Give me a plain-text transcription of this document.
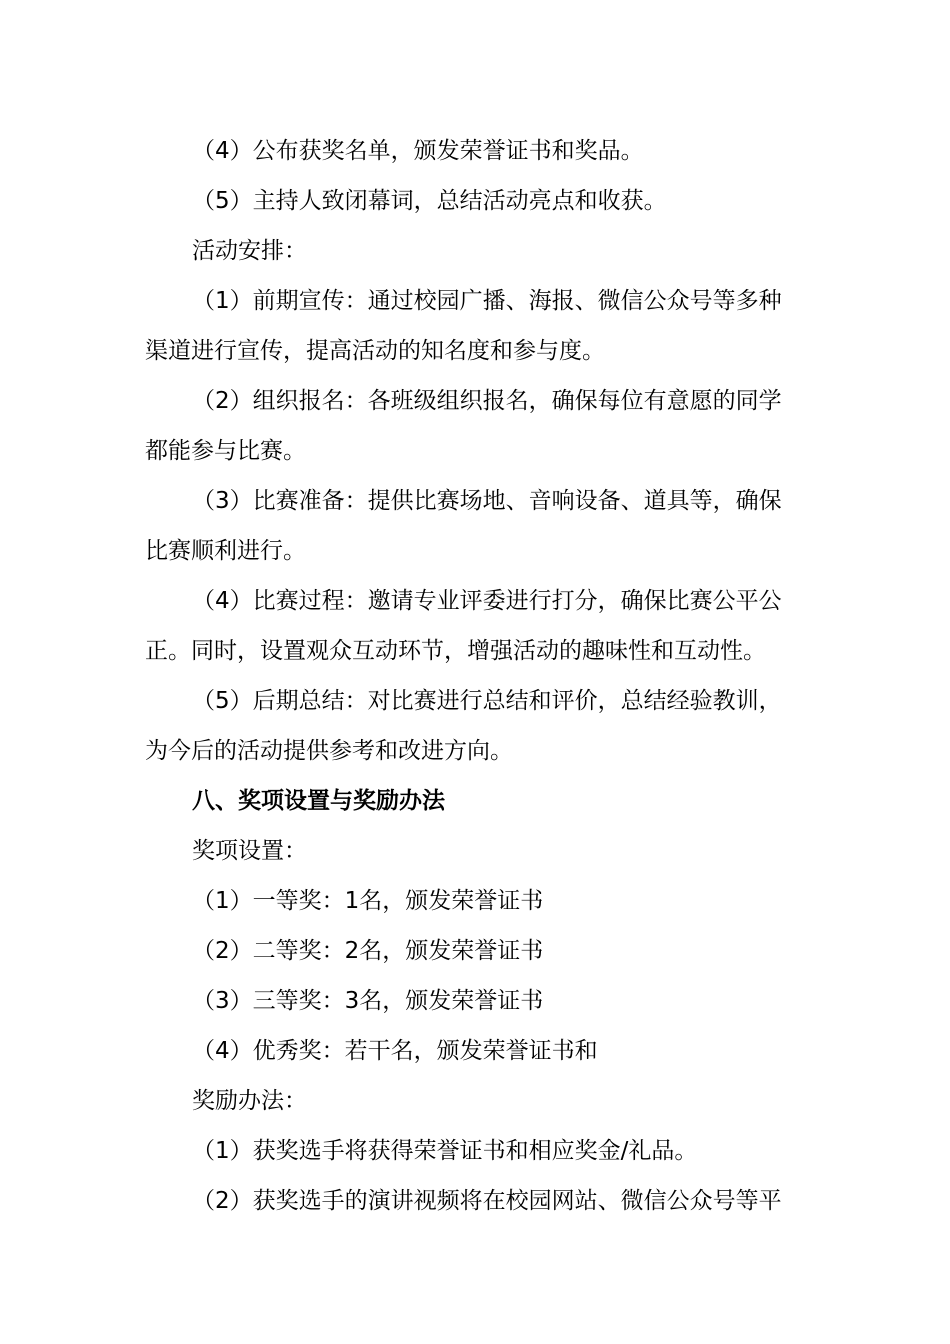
（4）公布获奖名单，颁发荣誉证书和奖品。

（5）主持人致闭幕词，总结活动亮点和收获。

活动安排：

（1）前期宣传：通过校园广播、海报、微信公众号等多种

渠道进行宣传，提高活动的知名度和参与度。

（2）组织报名：各班级组织报名，确保每位有意愿的同学

都能参与比赛。

（3）比赛准备：提供比赛场地、音响设备、道具等，确保

比赛顺利进行。

（4）比赛过程：邀请专业评委进行打分，确保比赛公平公

正。同时，设置观众互动环节，增强活动的趣味性和互动性。

（5）后期总结：对比赛进行总结和评价，总结经验教训，

为今后的活动提供参考和改进方向。

八、奖项设置与奖励办法

奖项设置：

（1）一等奖：1名，颁发荣誉证书

（2）二等奖：2名，颁发荣誉证书

（3）三等奖：3名，颁发荣誉证书

（4）优秀奖：若干名，颁发荣誉证书和

奖励办法：

（1）获奖选手将获得荣誉证书和相应奖金/礼品。

（2）获奖选手的演讲视频将在校园网站、微信公众号等平
